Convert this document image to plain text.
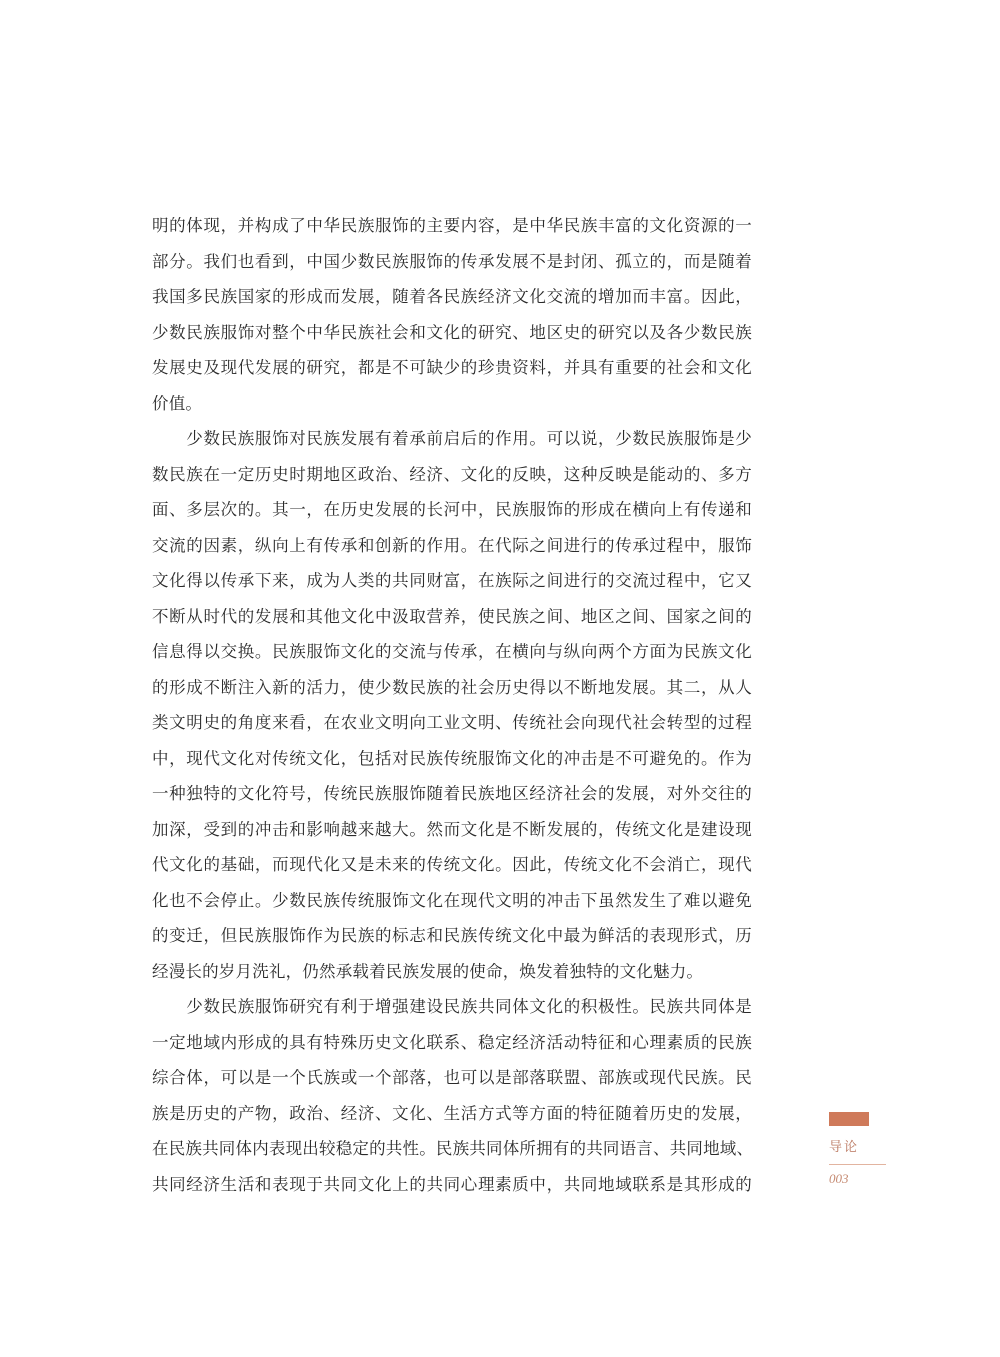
明的体现，并构成了中华民族服饰的主要内容，是中华民族丰富的文化资源的一
部分。我们也看到，中国少数民族服饰的传承发展不是封闭、孤立的，而是随着
我国多民族国家的形成而发展，随着各民族经济文化交流的增加而丰富。因此，
少数民族服饰对整个中华民族社会和文化的研究、地区史的研究以及各少数民族
发展史及现代发展的研究，都是不可缺少的珍贵资料，并具有重要的社会和文化
价值。
　　少数民族服饰对民族发展有着承前启后的作用。可以说，少数民族服饰是少
数民族在一定历史时期地区政治、经济、文化的反映，这种反映是能动的、多方
面、多层次的。其一，在历史发展的长河中，民族服饰的形成在横向上有传递和
交流的因素，纵向上有传承和创新的作用。在代际之间进行的传承过程中，服饰
文化得以传承下来，成为人类的共同财富，在族际之间进行的交流过程中，它又
不断从时代的发展和其他文化中汲取营养，使民族之间、地区之间、国家之间的
信息得以交换。民族服饰文化的交流与传承，在横向与纵向两个方面为民族文化
的形成不断注入新的活力，使少数民族的社会历史得以不断地发展。其二，从人
类文明史的角度来看，在农业文明向工业文明、传统社会向现代社会转型的过程
中，现代文化对传统文化，包括对民族传统服饰文化的冲击是不可避免的。作为
一种独特的文化符号，传统民族服饰随着民族地区经济社会的发展，对外交往的
加深，受到的冲击和影响越来越大。然而文化是不断发展的，传统文化是建设现
代文化的基础，而现代化又是未来的传统文化。因此，传统文化不会消亡，现代
化也不会停止。少数民族传统服饰文化在现代文明的冲击下虽然发生了难以避免
的变迁，但民族服饰作为民族的标志和民族传统文化中最为鲜活的表现形式，历
经漫长的岁月洗礼，仍然承载着民族发展的使命，焕发着独特的文化魅力。
　　少数民族服饰研究有利于增强建设民族共同体文化的积极性。民族共同体是
一定地域内形成的具有特殊历史文化联系、稳定经济活动特征和心理素质的民族
综合体，可以是一个氏族或一个部落，也可以是部落联盟、部族或现代民族。民
族是历史的产物，政治、经济、文化、生活方式等方面的特征随着历史的发展，
在民族共同体内表现出较稳定的共性。民族共同体所拥有的共同语言、共同地域、
共同经济生活和表现于共同文化上的共同心理素质中，共同地域联系是其形成的
导论
003
